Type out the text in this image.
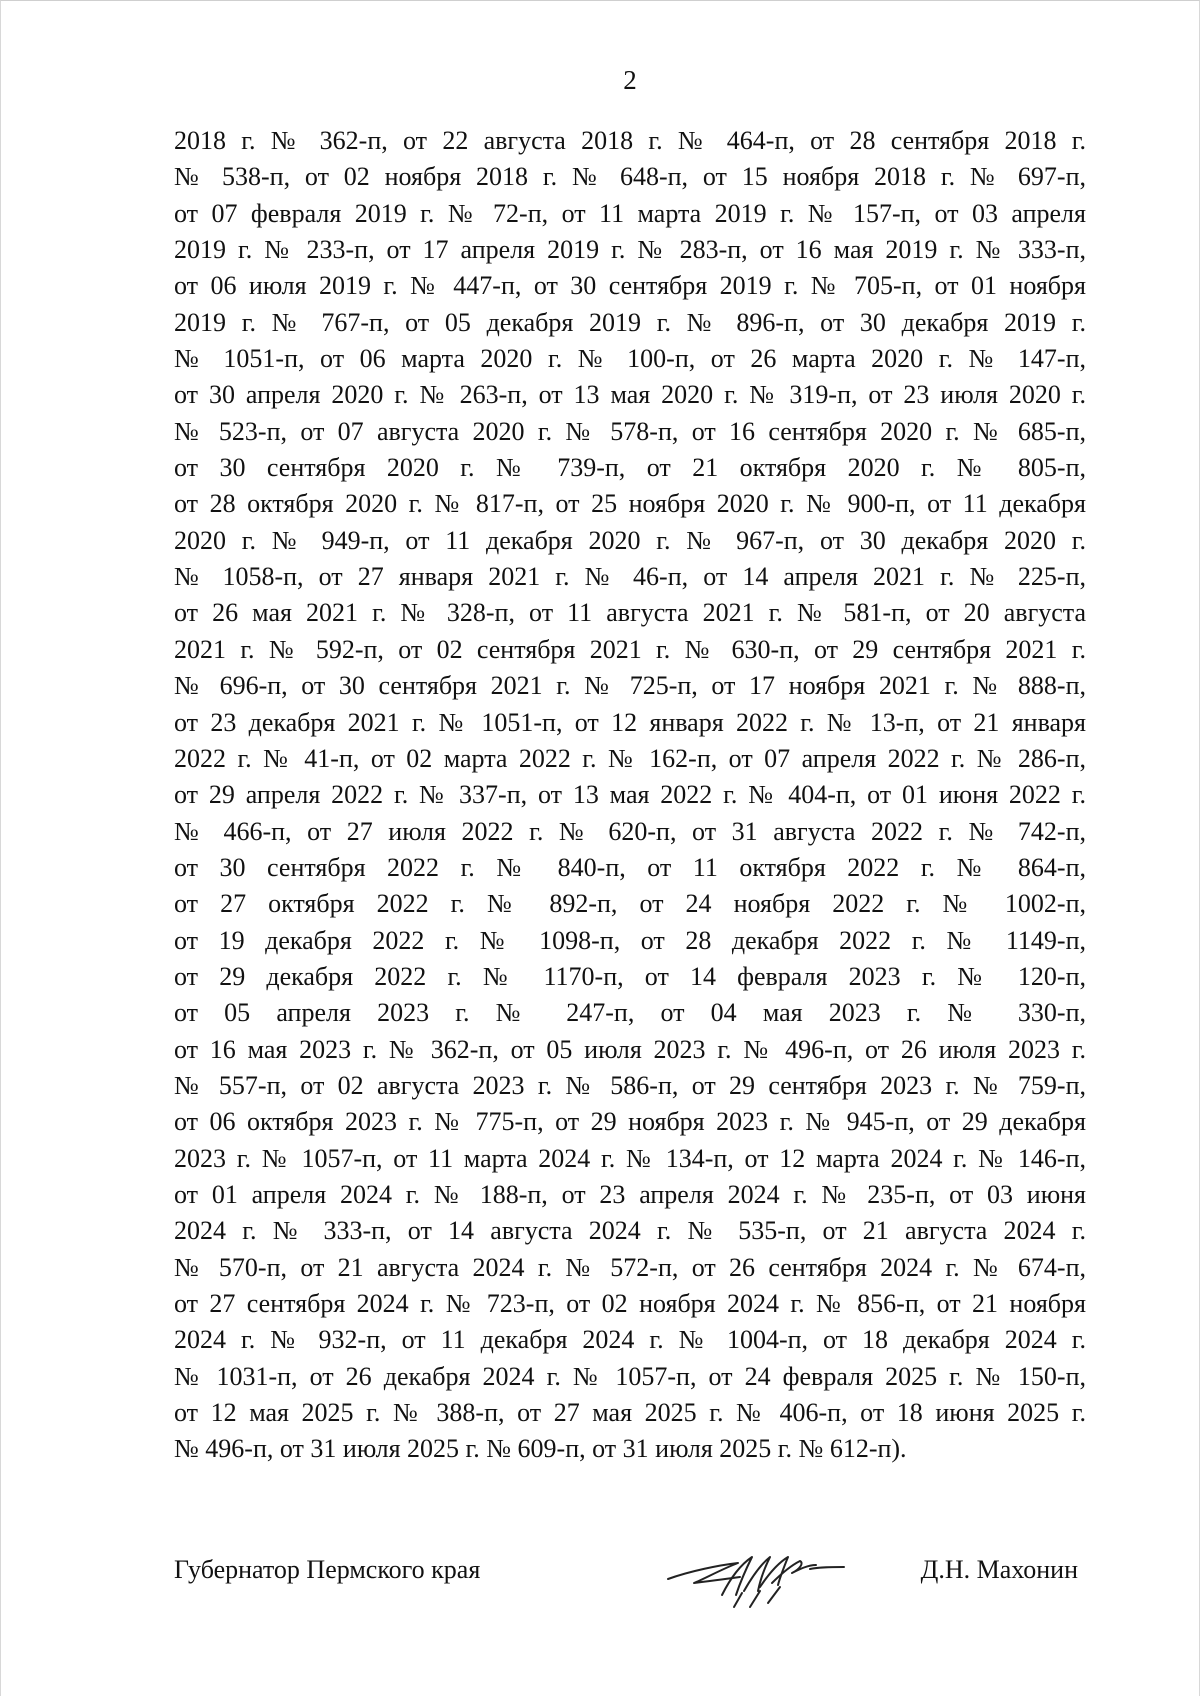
2
2018 г. № 362-п, от 22 августа 2018 г. № 464-п, от 28 сентября 2018 г.
№ 538-п, от 02 ноября 2018 г. № 648-п, от 15 ноября 2018 г. № 697-п,
от 07 февраля 2019 г. № 72-п, от 11 марта 2019 г. № 157-п, от 03 апреля
2019 г. № 233-п, от 17 апреля 2019 г. № 283-п, от 16 мая 2019 г. № 333-п,
от 06 июля 2019 г. № 447-п, от 30 сентября 2019 г. № 705-п, от 01 ноября
2019 г. № 767-п, от 05 декабря 2019 г. № 896-п, от 30 декабря 2019 г.
№ 1051-п, от 06 марта 2020 г. № 100-п, от 26 марта 2020 г. № 147-п,
от 30 апреля 2020 г. № 263-п, от 13 мая 2020 г. № 319-п, от 23 июля 2020 г.
№ 523-п, от 07 августа 2020 г. № 578-п, от 16 сентября 2020 г. № 685-п,
от 30 сентября 2020 г. № 739-п, от 21 октября 2020 г. № 805-п,
от 28 октября 2020 г. № 817-п, от 25 ноября 2020 г. № 900-п, от 11 декабря
2020 г. № 949-п, от 11 декабря 2020 г. № 967-п, от 30 декабря 2020 г.
№ 1058-п, от 27 января 2021 г. № 46-п, от 14 апреля 2021 г. № 225-п,
от 26 мая 2021 г. № 328-п, от 11 августа 2021 г. № 581-п, от 20 августа
2021 г. № 592-п, от 02 сентября 2021 г. № 630-п, от 29 сентября 2021 г.
№ 696-п, от 30 сентября 2021 г. № 725-п, от 17 ноября 2021 г. № 888-п,
от 23 декабря 2021 г. № 1051-п, от 12 января 2022 г. № 13-п, от 21 января
2022 г. № 41-п, от 02 марта 2022 г. № 162-п, от 07 апреля 2022 г. № 286-п,
от 29 апреля 2022 г. № 337-п, от 13 мая 2022 г. № 404-п, от 01 июня 2022 г.
№ 466-п, от 27 июля 2022 г. № 620-п, от 31 августа 2022 г. № 742-п,
от 30 сентября 2022 г. № 840-п, от 11 октября 2022 г. № 864-п,
от 27 октября 2022 г. № 892-п, от 24 ноября 2022 г. № 1002-п,
от 19 декабря 2022 г. № 1098-п, от 28 декабря 2022 г. № 1149-п,
от 29 декабря 2022 г. № 1170-п, от 14 февраля 2023 г. № 120-п,
от 05 апреля 2023 г. № 247-п, от 04 мая 2023 г. № 330-п,
от 16 мая 2023 г. № 362-п, от 05 июля 2023 г. № 496-п, от 26 июля 2023 г.
№ 557-п, от 02 августа 2023 г. № 586-п, от 29 сентября 2023 г. № 759-п,
от 06 октября 2023 г. № 775-п, от 29 ноября 2023 г. № 945-п, от 29 декабря
2023 г. № 1057-п, от 11 марта 2024 г. № 134-п, от 12 марта 2024 г. № 146-п,
от 01 апреля 2024 г. № 188-п, от 23 апреля 2024 г. № 235-п, от 03 июня
2024 г. № 333-п, от 14 августа 2024 г. № 535-п, от 21 августа 2024 г.
№ 570-п, от 21 августа 2024 г. № 572-п, от 26 сентября 2024 г. № 674-п,
от 27 сентября 2024 г. № 723-п, от 02 ноября 2024 г. № 856-п, от 21 ноября
2024 г. № 932-п, от 11 декабря 2024 г. № 1004-п, от 18 декабря 2024 г.
№ 1031-п, от 26 декабря 2024 г. № 1057-п, от 24 февраля 2025 г. № 150-п,
от 12 мая 2025 г. № 388-п, от 27 мая 2025 г. № 406-п, от 18 июня 2025 г.
№ 496-п, от 31 июля 2025 г. № 609-п, от 31 июля 2025 г. № 612-п).
Губернатор Пермского края	Д.Н. Махонин
